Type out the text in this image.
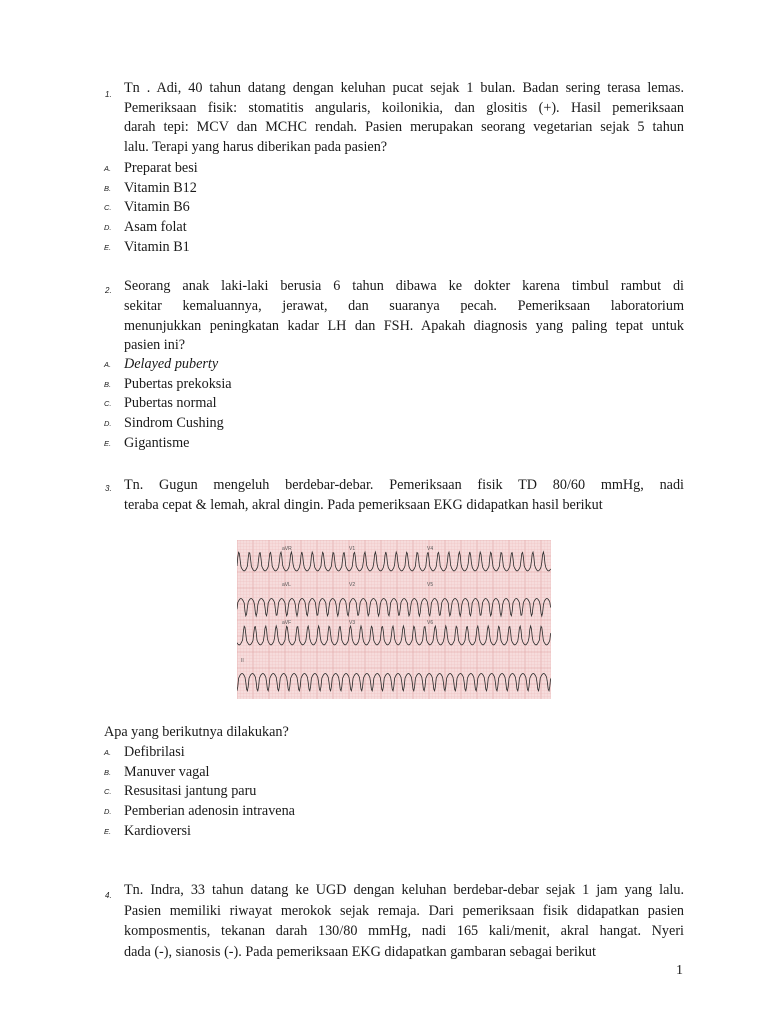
1. Tn . Adi, 40 tahun datang dengan keluhan pucat sejak 1 bulan. Badan sering terasa lemas.
Pemeriksaan fisik: stomatitis angularis, koilonikia, dan glositis (+). Hasil pemeriksaan
darah tepi: MCV dan MCHC rendah. Pasien merupakan seorang vegetarian sejak 5 tahun
lalu. Terapi yang harus diberikan pada pasien?
A. Preparat besi
B. Vitamin B12
C. Vitamin B6
D. Asam folat
E. Vitamin B1
2. Seorang anak laki-laki berusia 6 tahun dibawa ke dokter karena timbul rambut di
sekitar kemaluannya, jerawat, dan suaranya pecah. Pemeriksaan laboratorium
menunjukkan peningkatan kadar LH dan FSH. Apakah diagnosis yang paling tepat untuk
pasien ini?
A. Delayed puberty
B. Pubertas prekoksia
C. Pubertas normal
D. Sindrom Cushing
E. Gigantisme
3. Tn. Gugun mengeluh berdebar-debar. Pemeriksaan fisik TD 80/60 mmHg, nadi
teraba cepat & lemah, akral dingin. Pada pemeriksaan EKG didapatkan hasil berikut
aVR	V1	V4
aVL	V2	V5
aVF	V3	V6
II
Apa yang berikutnya dilakukan?
A. Defibrilasi
B. Manuver vagal
C. Resusitasi jantung paru
D. Pemberian adenosin intravena
E. Kardioversi
4. Tn. Indra, 33 tahun datang ke UGD dengan keluhan berdebar-debar sejak 1 jam yang lalu.
Pasien memiliki riwayat merokok sejak remaja. Dari pemeriksaan fisik didapatkan pasien
komposmentis, tekanan darah 130/80 mmHg, nadi 165 kali/menit, akral hangat. Nyeri
dada (-), sianosis (-). Pada pemeriksaan EKG didapatkan gambaran sebagai berikut
1
